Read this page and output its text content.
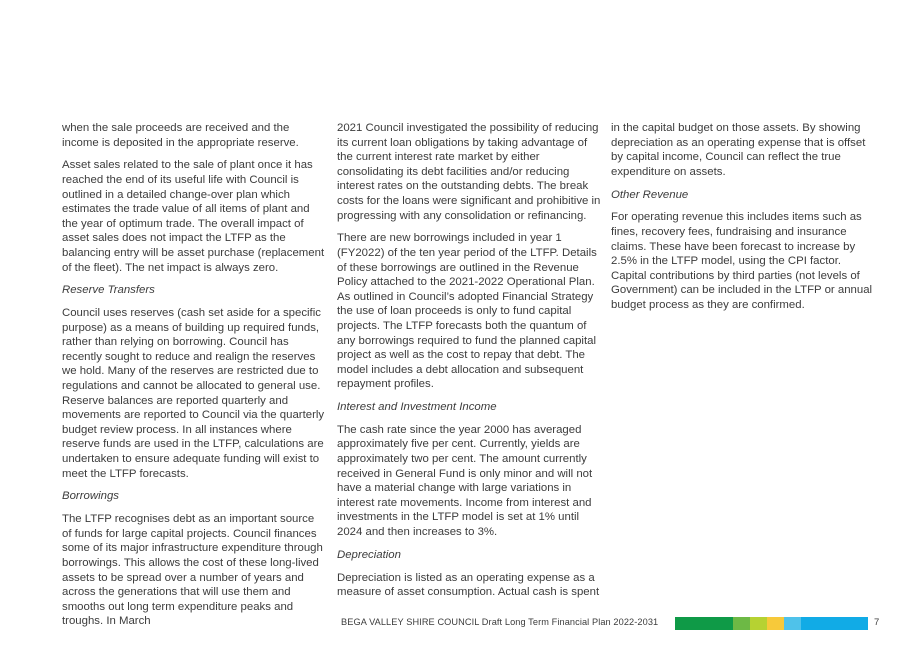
when the sale proceeds are received and the income is deposited in the appropriate reserve.

Asset sales related to the sale of plant once it has reached the end of its useful life with Council is outlined in a detailed change-over plan which estimates the trade value of all items of plant and the year of optimum trade. The overall impact of asset sales does not impact the LTFP as the balancing entry will be asset purchase (replacement of the fleet). The net impact is always zero.

Reserve Transfers

Council uses reserves (cash set aside for a specific purpose) as a means of building up required funds, rather than relying on borrowing. Council has recently sought to reduce and realign the reserves we hold. Many of the reserves are restricted due to regulations and cannot be allocated to general use. Reserve balances are reported quarterly and movements are reported to Council via the quarterly budget review process. In all instances where reserve funds are used in the LTFP, calculations are undertaken to ensure adequate funding will exist to meet the LTFP forecasts.

Borrowings

The LTFP recognises debt as an important source of funds for large capital projects. Council finances some of its major infrastructure expenditure through borrowings. This allows the cost of these long-lived assets to be spread over a number of years and across the generations that will use them and smooths out long term expenditure peaks and troughs. In March

2021 Council investigated the possibility of reducing its current loan obligations by taking advantage of the current interest rate market by either consolidating its debt facilities and/or reducing interest rates on the outstanding debts. The break costs for the loans were significant and prohibitive in progressing with any consolidation or refinancing.

There are new borrowings included in year 1 (FY2022) of the ten year period of the LTFP. Details of these borrowings are outlined in the Revenue Policy attached to the 2021-2022 Operational Plan. As outlined in Council’s adopted Financial Strategy the use of loan proceeds is only to fund capital projects. The LTFP forecasts both the quantum of any borrowings required to fund the planned capital project as well as the cost to repay that debt. The model includes a debt allocation and subsequent repayment profiles.

Interest and Investment Income

The cash rate since the year 2000 has averaged approximately five per cent. Currently, yields are approximately two per cent. The amount currently received in General Fund is only minor and will not have a material change with large variations in interest rate movements. Income from interest and investments in the LTFP model is set at 1% until 2024 and then increases to 3%.

Depreciation

Depreciation is listed as an operating expense as a measure of asset consumption. Actual cash is spent

in the capital budget on those assets. By showing depreciation as an operating expense that is offset by capital income, Council can reflect the true expenditure on assets.

Other Revenue

For operating revenue this includes items such as fines, recovery fees, fundraising and insurance claims. These have been forecast to increase by 2.5% in the LTFP model, using the CPI factor. Capital contributions by third parties (not levels of Government) can be included in the LTFP or annual budget process as they are confirmed.

BEGA VALLEY SHIRE COUNCIL Draft Long Term Financial Plan 2022-2031	7
